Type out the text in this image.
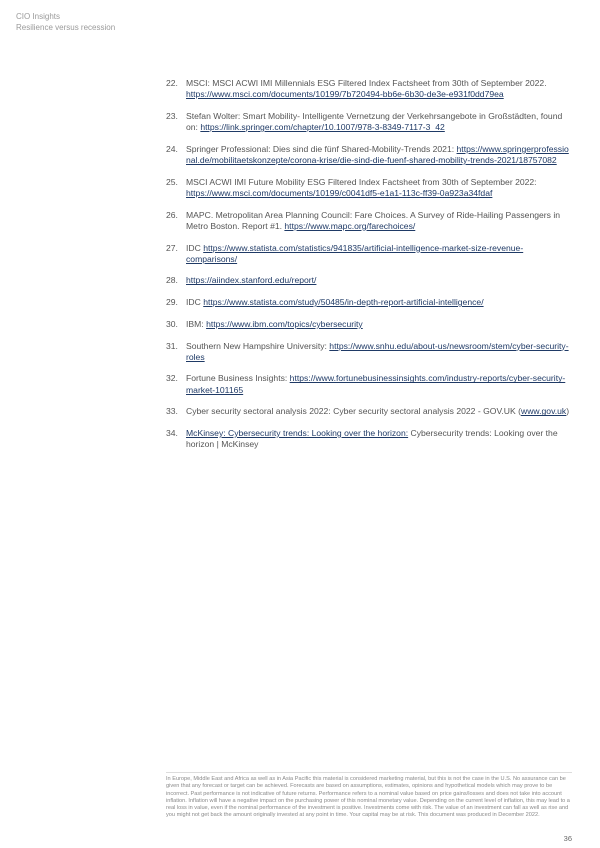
CIO Insights
Resilience versus recession
22. MSCI: MSCI ACWI IMI Millennials ESG Filtered Index Factsheet from 30th of September 2022. https://www.msci.com/documents/10199/7b720494-bb6e-6b30-de3e-e931f0dd79ea
23. Stefan Wolter: Smart Mobility- Intelligente Vernetzung der Verkehrsangebote in Großstädten, found on: https://link.springer.com/chapter/10.1007/978-3-8349-7117-3_42
24. Springer Professional: Dies sind die fünf Shared-Mobility-Trends 2021: https://www.springerprofessional.de/mobilitaetskonzepte/corona-krise/die-sind-die-fuenf-shared-mobility-trends-2021/18757082
25. MSCI ACWI IMI Future Mobility ESG Filtered Index Factsheet from 30th of September 2022: https://www.msci.com/documents/10199/c0041df5-e1a1-113c-ff39-0a923a34fdaf
26. MAPC. Metropolitan Area Planning Council: Fare Choices. A Survey of Ride-Hailing Passengers in Metro Boston. Report #1. https://www.mapc.org/farechoices/
27. IDC https://www.statista.com/statistics/941835/artificial-intelligence-market-size-revenue-comparisons/
28. https://aiindex.stanford.edu/report/
29. IDC https://www.statista.com/study/50485/in-depth-report-artificial-intelligence/
30. IBM: https://www.ibm.com/topics/cybersecurity
31. Southern New Hampshire University: https://www.snhu.edu/about-us/newsroom/stem/cyber-security-roles
32. Fortune Business Insights: https://www.fortunebusinessinsights.com/industry-reports/cyber-security-market-101165
33. Cyber security sectoral analysis 2022: Cyber security sectoral analysis 2022 - GOV.UK (www.gov.uk)
34. McKinsey: Cybersecurity trends: Looking over the horizon: Cybersecurity trends: Looking over the horizon | McKinsey
In Europe, Middle East and Africa as well as in Asia Pacific this material is considered marketing material, but this is not the case in the U.S. No assurance can be given that any forecast or target can be achieved. Forecasts are based on assumptions, estimates, opinions and hypothetical models which may prove to be incorrect. Past performance is not indicative of future returns. Performance refers to a nominal value based on price gains/losses and does not take into account inflation. Inflation will have a negative impact on the purchasing power of this nominal monetary value. Depending on the current level of inflation, this may lead to a real loss in value, even if the nominal performance of the investment is positive. Investments come with risk. The value of an investment can fall as well as rise and you might not get back the amount originally invested at any point in time. Your capital may be at risk. This document was produced in December 2022.
36
